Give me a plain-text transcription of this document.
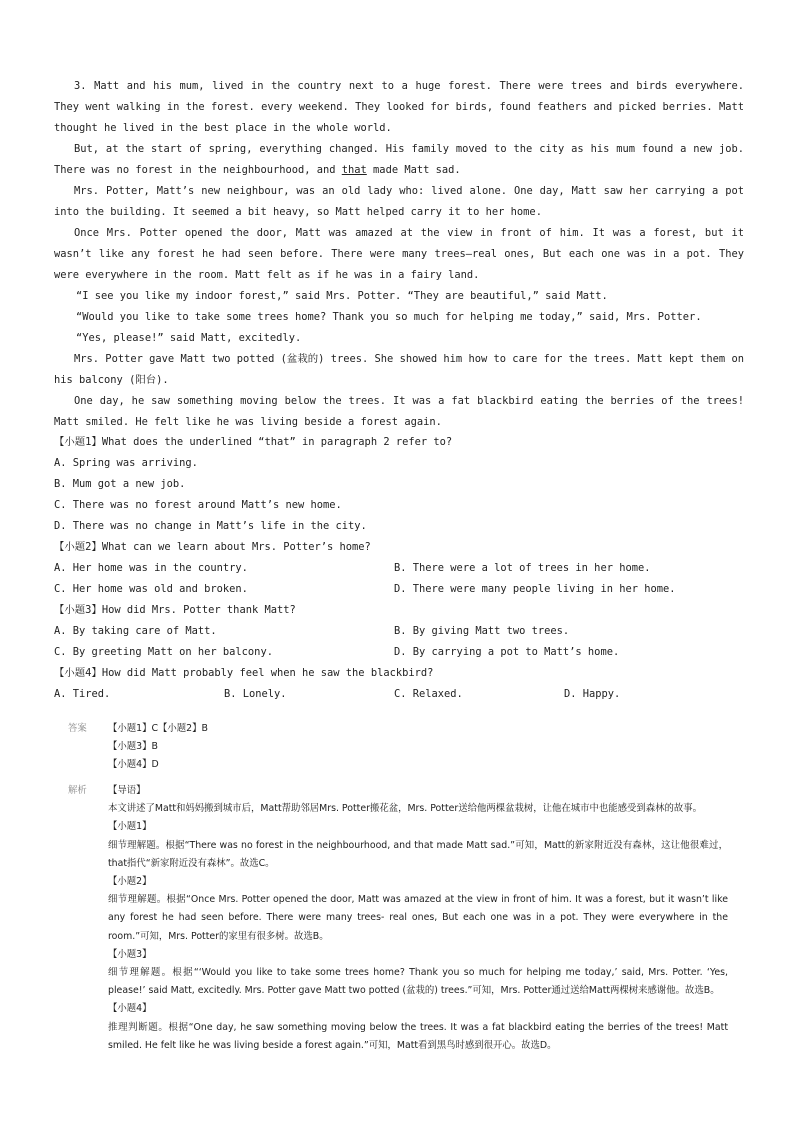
3. Matt and his mum, lived in the country next to a huge forest. There were trees and birds everywhere. They went walking in the forest. every weekend. They looked for birds, found feathers and picked berries. Matt thought he lived in the best place in the whole world.

But, at the start of spring, everything changed. His family moved to the city as his mum found a new job. There was no forest in the neighbourhood, and that made Matt sad.

Mrs. Potter, Matt’s new neighbour, was an old lady who: lived alone. One day, Matt saw her carrying a pot into the building. It seemed a bit heavy, so Matt helped carry it to her home.

Once Mrs. Potter opened the door, Matt was amazed at the view in front of him. It was a forest, but it wasn’t like any forest he had seen before. There were many trees—real ones, But each one was in a pot. They were everywhere in the room. Matt felt as if he was in a fairy land.

“I see you like my indoor forest,” said Mrs. Potter. “They are beautiful,” said Matt.

“Would you like to take some trees home? Thank you so much for helping me today,” said, Mrs. Potter.

“Yes, please!” said Matt, excitedly.

Mrs. Potter gave Matt two potted (盆栽的) trees. She showed him how to care for the trees. Matt kept them on his balcony (阳台).

One day, he saw something moving below the trees. It was a fat blackbird eating the berries of the trees! Matt smiled. He felt like he was living beside a forest again.

【小题1】What does the underlined “that” in paragraph 2 refer to?
A. Spring was arriving.
B. Mum got a new job.
C. There was no forest around Matt’s new home.
D. There was no change in Matt’s life in the city.
【小题2】What can we learn about Mrs. Potter’s home?
A. Her home was in the country.	B. There were a lot of trees in her home.
C. Her home was old and broken.	D. There were many people living in her home.
【小题3】How did Mrs. Potter thank Matt?
A. By taking care of Matt.	B. By giving Matt two trees.
C. By greeting Matt on her balcony.	D. By carrying a pot to Matt’s home.
【小题4】How did Matt probably feel when he saw the blackbird?
A. Tired.	B. Lonely.	C. Relaxed.	D. Happy.
答案 【小题1】C【小题2】B
【小题3】B
【小题4】D
解析 【导语】
本文讲述了Matt和妈妈搬到城市后，Matt帮助邻居Mrs. Potter搬花盆，Mrs. Potter送给他两棵盆栽树，让他在城市中也能感受到森林的故事。
【小题1】
细节理解题。根据“There was no forest in the neighbourhood, and that made Matt sad.”可知，Matt的新家附近没有森林，这让他很难过，that指代“新家附近没有森林”。故选C。
【小题2】
细节理解题。根据“Once Mrs. Potter opened the door, Matt was amazed at the view in front of him. It was a forest, but it wasn’t like any forest he had seen before. There were many trees- real ones, But each one was in a pot. They were everywhere in the room.”可知，Mrs. Potter的家里有很多树。故选B。
【小题3】
细节理解题。根据“‘Would you like to take some trees home? Thank you so much for helping me today,’ said, Mrs. Potter. ‘Yes, please!’ said Matt, excitedly. Mrs. Potter gave Matt two potted (盆栽的) trees.”可知，Mrs. Potter通过送给Matt两棵树来感谢他。故选B。
【小题4】
推理判断题。根据“One day, he saw something moving below the trees. It was a fat blackbird eating the berries of the trees! Matt smiled. He felt like he was living beside a forest again.”可知，Matt看到黑鸟时感到很开心。故选D。
